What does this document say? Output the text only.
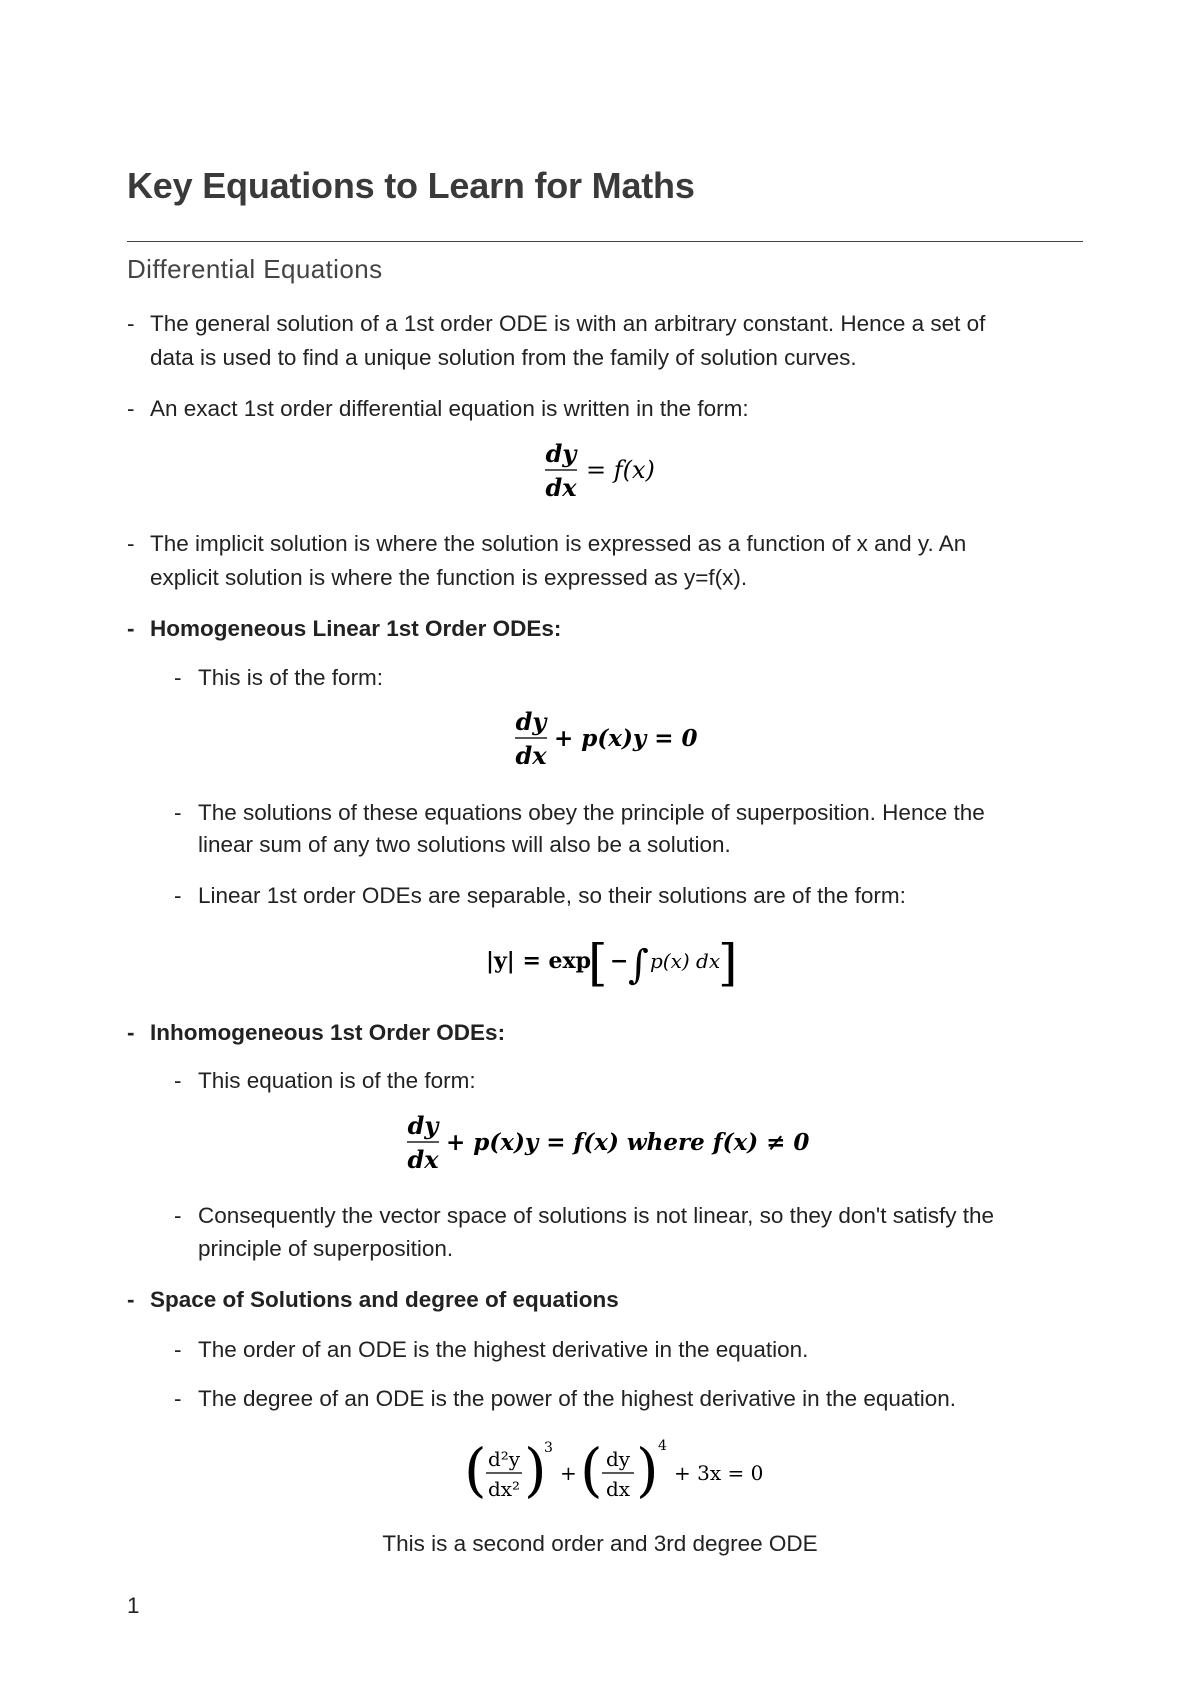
Key Equations to Learn for Maths
Differential Equations
- The general solution of a 1st order ODE is with an arbitrary constant. Hence a set of
data is used to find a unique solution from the family of solution curves.
- An exact 1st order differential equation is written in the form:
dy
dx
= f(x)
- The implicit solution is where the solution is expressed as a function of x and y. An
explicit solution is where the function is expressed as y=f(x).
- Homogeneous Linear 1st Order ODEs:
- This is of the form:
dy
dx
+ p(x)y = 0
- The solutions of these equations obey the principle of superposition. Hence the
linear sum of any two solutions will also be a solution.
- Linear 1st order ODEs are separable, so their solutions are of the form:
|y| = exp
[ − ∫ p(x) dx
]
- Inhomogeneous 1st Order ODEs:
- This equation is of the form:
dy
dx
+ p(x)y = f(x) where f(x) ≠ 0
- Consequently the vector space of solutions is not linear, so they don't satisfy the
principle of superposition.
- Space of Solutions and degree of equations
- The order of an ODE is the highest derivative in the equation.
- The degree of an ODE is the power of the highest derivative in the equation.
( d²y
dx² )
3
+ ( dy
dx ) 4
+ 3x = 0
This is a second order and 3rd degree ODE
1
